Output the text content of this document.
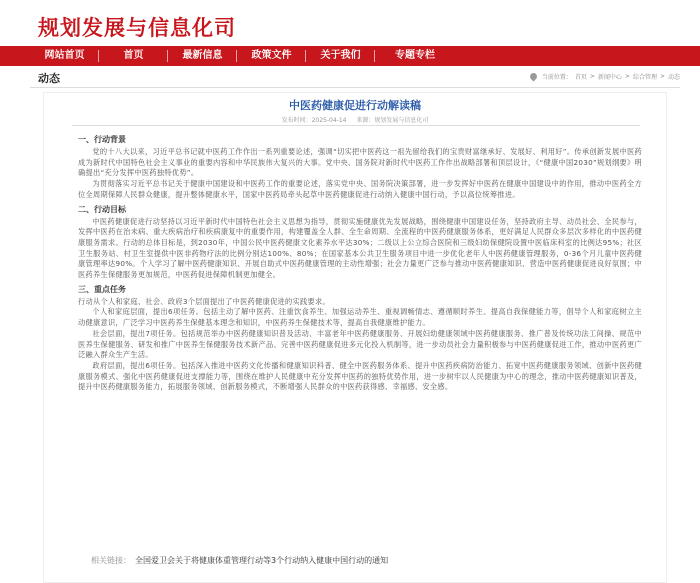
规划发展与信息化司
网站首页	首页	最新信息	政策文件	关于我们	专题专栏
动态	当前位置： 首页 > 新闻中心 > 综合管理 > 动态
中医药健康促进行动解读稿
发布时间：2025-04-14 来源：规划发展与信息化司
一、行动背景

党的十八大以来，习近平总书记就中医药工作作出一系列重要论述，强调“切实把中医药这一祖先留给我们的宝贵财富继承好、发展好、利用好”。传承创新发展中医药成为新时代中国特色社会主义事业的重要内容和中华民族伟大复兴的大事。党中央、国务院对新时代中医药工作作出战略部署和顶层设计，《“健康中国2030”规划纲要》明确提出“充分发挥中医药独特优势”。

为贯彻落实习近平总书记关于健康中国建设和中医药工作的重要论述，落实党中央、国务院决策部署，进一步发挥好中医药在健康中国建设中的作用，推动中医药全方位全周期保障人民群众健康，提升整体健康水平，国家中医药局牵头起草中医药健康促进行动纳入健康中国行动，予以高位统筹推进。

二、行动目标

中医药健康促进行动坚持以习近平新时代中国特色社会主义思想为指导，贯彻实施健康优先发展战略，围绕健康中国建设任务，坚持政府主导、动员社会、全民参与，发挥中医药在治未病、重大疾病治疗和疾病康复中的重要作用，构建覆盖全人群、全生命周期、全流程的中医药健康服务体系，更好满足人民群众多层次多样化的中医药健康服务需求。行动的总体目标是，到2030年，中国公民中医药健康文化素养水平达30%；二级以上公立综合医院和三级妇幼保健院设置中医临床科室的比例达95%；社区卫生服务站、村卫生室提供中医非药物疗法的比例分别达100%、80%；在国家基本公共卫生服务项目中进一步优化老年人中医药健康管理服务，0-36个月儿童中医药健康管理率达90%。个人学习了解中医药健康知识、开展自助式中医药健康管理的主动性增强；社会力量更广泛参与推动中医药健康知识、营造中医药健康促进良好氛围；中医药养生保健服务更加规范，中医药促进保障机制更加健全。

三、重点任务

行动从个人和家庭、社会、政府3个层面提出了中医药健康促进的实践要求。

个人和家庭层面，提出6项任务。包括主动了解中医药、注重饮食养生、加强运动养生、重视调畅情志、遵循顺时养生、提高自我保健能力等，倡导个人和家庭树立主动健康意识，广泛学习中医药养生保健基本理念和知识，中医药养生保健技术等，提高自我健康维护能力。

社会层面，提出7项任务。包括规范举办中医药健康知识普及活动、丰富老年中医药健康服务、开展妇幼健康领域中医药健康服务、推广普及传统功法工间操、规范中医养生保健服务、研发和推广中医养生保健服务技术新产品、完善中医药健康促进多元化投入机制等，进一步动员社会力量积极参与中医药健康促进工作，推动中医药更广泛融入群众生产生活。

政府层面，提出6项任务。包括深入推进中医药文化传播和健康知识科普、健全中医药服务体系、提升中医药疾病防治能力、拓宽中医药健康服务领域、创新中医药健康服务模式、强化中医药健康促进支撑能力等，围绕在维护人民健康中充分发挥中医药的独特优势作用，进一步树牢以人民健康为中心的理念，推动中医药健康知识普及，提升中医药健康服务能力，拓展服务领域、创新服务模式，不断增强人民群众的中医药获得感、幸福感、安全感。

相关链接： 全国爱卫会关于将健康体重管理行动等3个行动纳入健康中国行动的通知
